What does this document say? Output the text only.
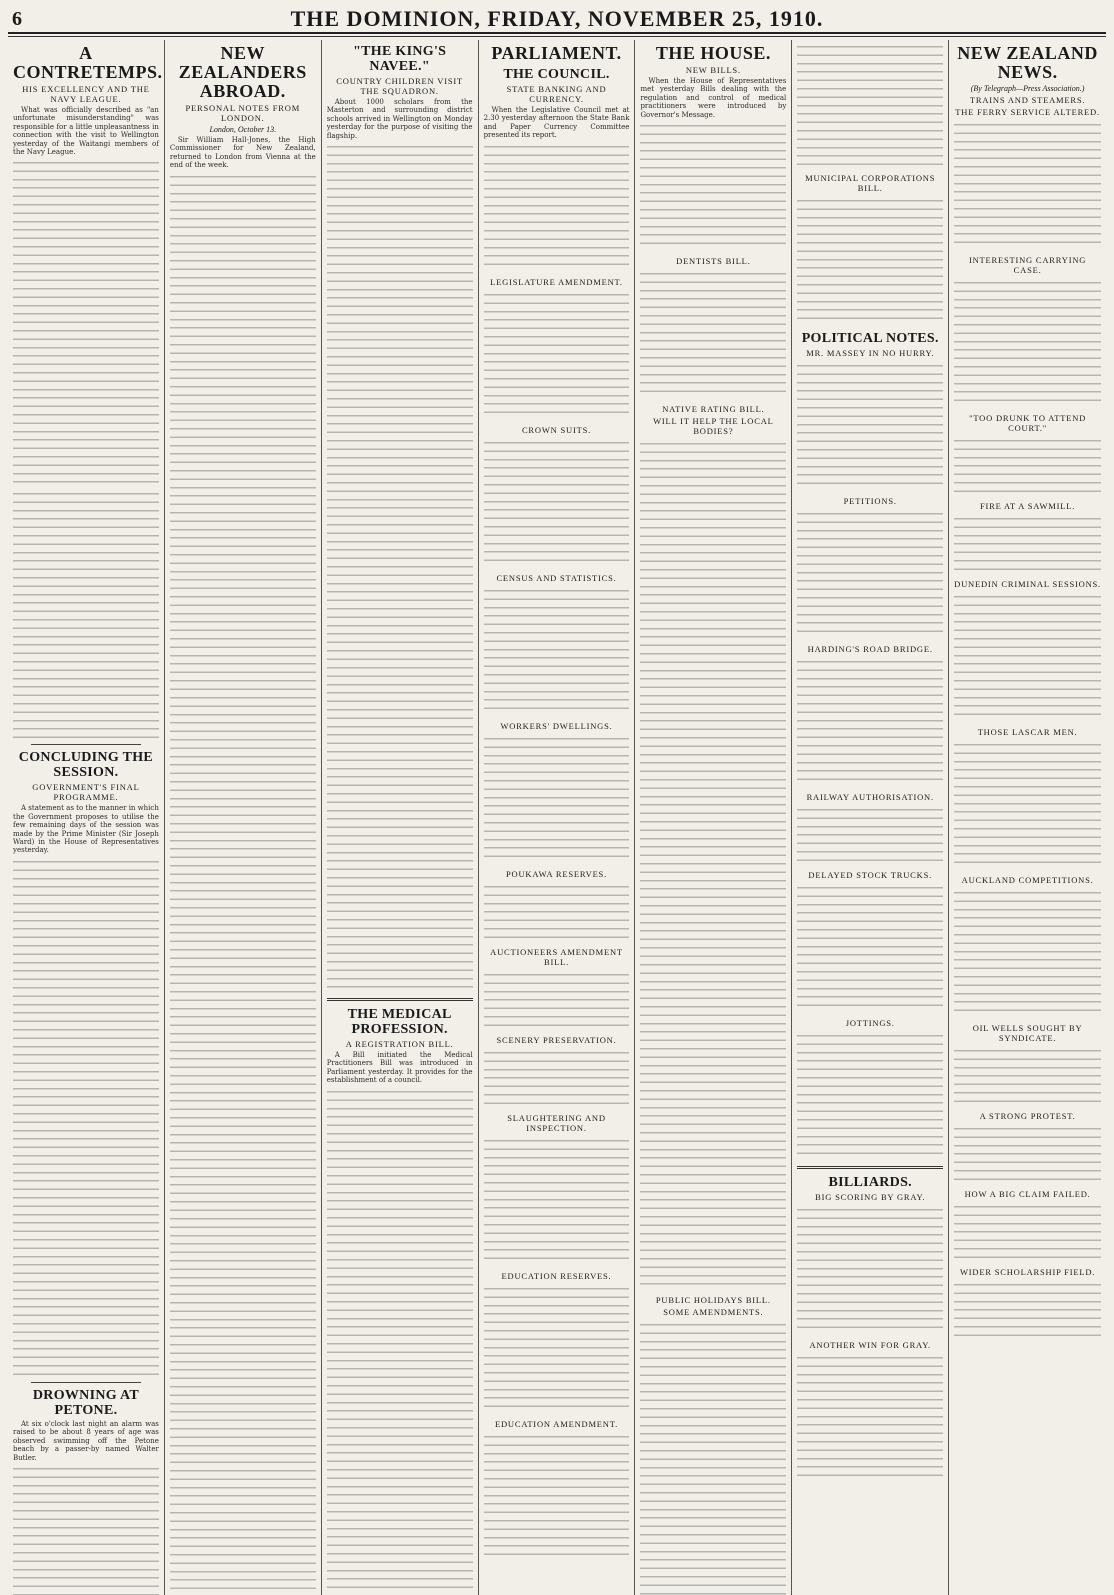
6	THE DOMINION, FRIDAY, NOVEMBER 25, 1910.
A CONTRETEMPS.
HIS EXCELLENCY AND THE NAVY LEAGUE.

What was officially described as "an unfortunate misunderstanding" was responsible for a little unpleasantness in connection with the visit to Wellington yesterday of the Waitangi members of the Navy League.

CONCLUDING THE SESSION.
GOVERNMENT'S FINAL PROGRAMME.

A statement as to the manner in which the Government proposes to utilise the few remaining days of the session was made by the Prime Minister (Sir Joseph Ward) in the House of Representatives yesterday.

DROWNING AT PETONE.

At six o'clock last night an alarm was raised to be about 8 years of age was observed swimming off the Petone beach by a passer-by named Walter Butler.

NEW ZEALANDERS ABROAD.
PERSONAL NOTES FROM LONDON.
London, October 13.

Sir William Hall-Jones, the High Commissioner for New Zealand, returned to London from Vienna at the end of the week.

"THE KING'S NAVEE."
COUNTRY CHILDREN VISIT THE SQUADRON.

About 1000 scholars from the Masterton and surrounding district schools arrived in Wellington on Monday yesterday for the purpose of visiting the flagship.

THE MEDICAL PROFESSION.
A REGISTRATION BILL.

A Bill initiated the Medical Practitioners Bill was introduced in Parliament yesterday. It provides for the establishment of a council.

PARLIAMENT.
THE COUNCIL.
STATE BANKING AND CURRENCY.

When the Legislative Council met at 2.30 yesterday afternoon the State Bank and Paper Currency Committee presented its report.

LEGISLATURE AMENDMENT.
CROWN SUITS.
CENSUS AND STATISTICS.
WORKERS' DWELLINGS.
POUKAWA RESERVES.
AUCTIONEERS AMENDMENT BILL.
SCENERY PRESERVATION.
SLAUGHTERING AND INSPECTION.
EDUCATION RESERVES.
EDUCATION AMENDMENT.
THE HOUSE.
NEW BILLS.

When the House of Representatives met yesterday Bills dealing with the regulation and control of medical practitioners were introduced by Governor's Message.

DENTISTS BILL.
NATIVE RATING BILL.
WILL IT HELP THE LOCAL BODIES?
PUBLIC HOLIDAYS BILL.
SOME AMENDMENTS.
MUNICIPAL CORPORATIONS BILL.
POLITICAL NOTES.
MR. MASSEY IN NO HURRY.
PETITIONS.
HARDING'S ROAD BRIDGE.
RAILWAY AUTHORISATION.
DELAYED STOCK TRUCKS.
JOTTINGS.
BILLIARDS.
BIG SCORING BY GRAY.
ANOTHER WIN FOR GRAY.
NEW ZEALAND NEWS.
(By Telegraph—Press Association.)
TRAINS AND STEAMERS.
THE FERRY SERVICE ALTERED.
INTERESTING CARRYING CASE.
"TOO DRUNK TO ATTEND COURT."
FIRE AT A SAWMILL.
DUNEDIN CRIMINAL SESSIONS.
THOSE LASCAR MEN.
AUCKLAND COMPETITIONS.
OIL WELLS SOUGHT BY SYNDICATE.
A STRONG PROTEST.
HOW A BIG CLAIM FAILED.
WIDER SCHOLARSHIP FIELD.
